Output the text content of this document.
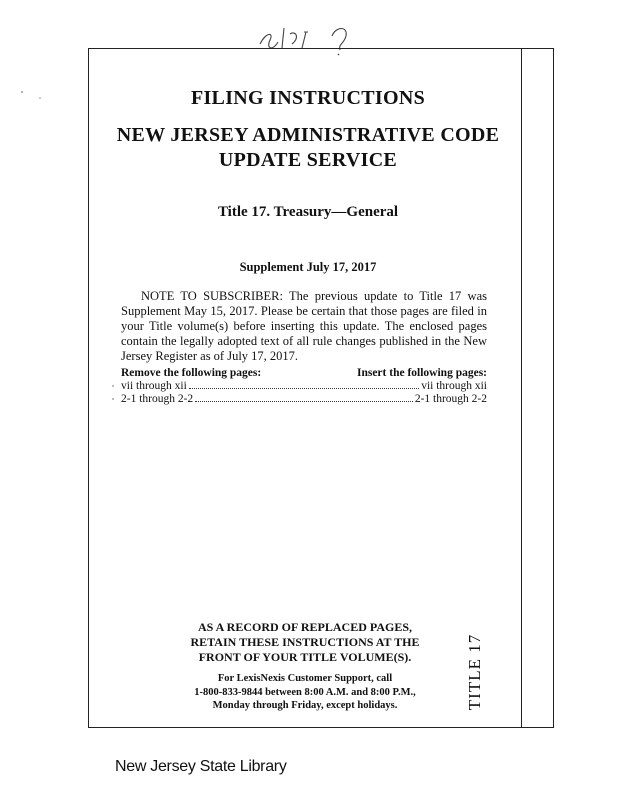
TITLE 17
FILING INSTRUCTIONS
NEW JERSEY ADMINISTRATIVE CODE
UPDATE SERVICE
Title 17. Treasury—General
Supplement July 17, 2017

NOTE TO SUBSCRIBER: The previous update to Title 17 was Supplement May 15, 2017. Please be certain that those pages are filed in your Title volume(s) before inserting this update. The enclosed pages contain the legally adopted text of all rule changes published in the New Jersey Register as of July 17, 2017.

Remove the following pages:	Insert the following pages:
vii through xii	vii through xii
2-1 through 2-2	2-1 through 2-2
AS A RECORD OF REPLACED PAGES,
RETAIN THESE INSTRUCTIONS AT THE
FRONT OF YOUR TITLE VOLUME(S).
For LexisNexis Customer Support, call
1-800-833-9844 between 8:00 A.M. and 8:00 P.M.,
Monday through Friday, except holidays.
New Jersey State Library
